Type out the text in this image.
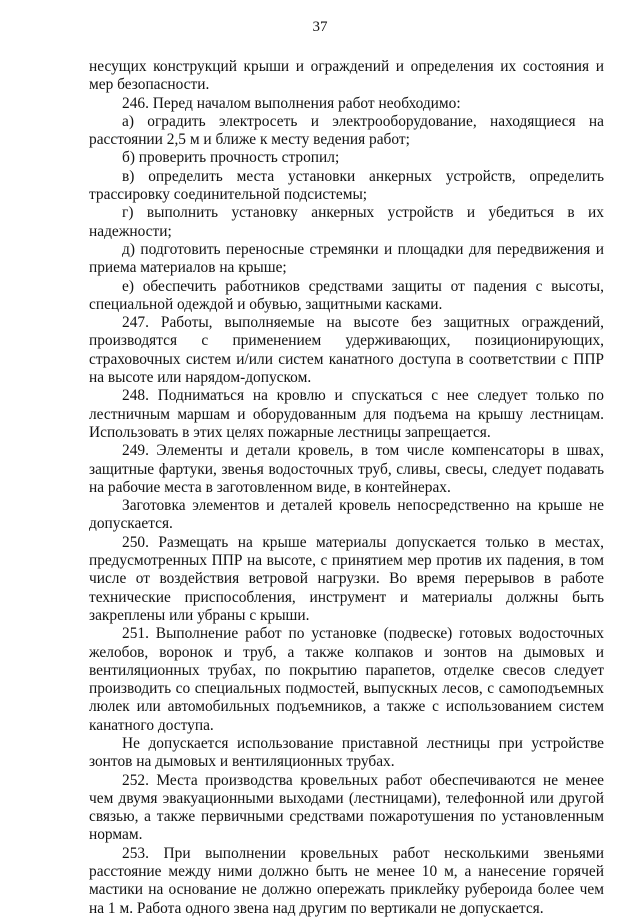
37

несущих конструкций крыши и ограждений и определения их состояния и мер безопасности.

246. Перед началом выполнения работ необходимо:

а) оградить электросеть и электрооборудование, находящиеся на расстоянии 2,5 м и ближе к месту ведения работ;

б) проверить прочность стропил;

в) определить места установки анкерных устройств, определить трассировку соединительной подсистемы;

г) выполнить установку анкерных устройств и убедиться в их надежности;

д) подготовить переносные стремянки и площадки для передвижения и приема материалов на крыше;

е) обеспечить работников средствами защиты от падения с высоты, специальной одеждой и обувью, защитными касками.

247. Работы, выполняемые на высоте без защитных ограждений, производятся с применением удерживающих, позиционирующих, страховочных систем и/или систем канатного доступа в соответствии с ППР на высоте или нарядом-допуском.

248. Подниматься на кровлю и спускаться с нее следует только по лестничным маршам и оборудованным для подъема на крышу лестницам. Использовать в этих целях пожарные лестницы запрещается.

249. Элементы и детали кровель, в том числе компенсаторы в швах, защитные фартуки, звенья водосточных труб, сливы, свесы, следует подавать на рабочие места в заготовленном виде, в контейнерах.

Заготовка элементов и деталей кровель непосредственно на крыше не допускается.

250. Размещать на крыше материалы допускается только в местах, предусмотренных ППР на высоте, с принятием мер против их падения, в том числе от воздействия ветровой нагрузки. Во время перерывов в работе технические приспособления, инструмент и материалы должны быть закреплены или убраны с крыши.

251. Выполнение работ по установке (подвеске) готовых водосточных желобов, воронок и труб, а также колпаков и зонтов на дымовых и вентиляционных трубах, по покрытию парапетов, отделке свесов следует производить со специальных подмостей, выпускных лесов, с самоподъемных люлек или автомобильных подъемников, а также с использованием систем канатного доступа.

Не допускается использование приставной лестницы при устройстве зонтов на дымовых и вентиляционных трубах.

252. Места производства кровельных работ обеспечиваются не менее чем двумя эвакуационными выходами (лестницами), телефонной или другой связью, а также первичными средствами пожаротушения по установленным нормам.

253. При выполнении кровельных работ несколькими звеньями расстояние между ними должно быть не менее 10 м, а нанесение горячей мастики на основание не должно опережать приклейку рубероида более чем на 1 м. Работа одного звена над другим по вертикали не допускается.
